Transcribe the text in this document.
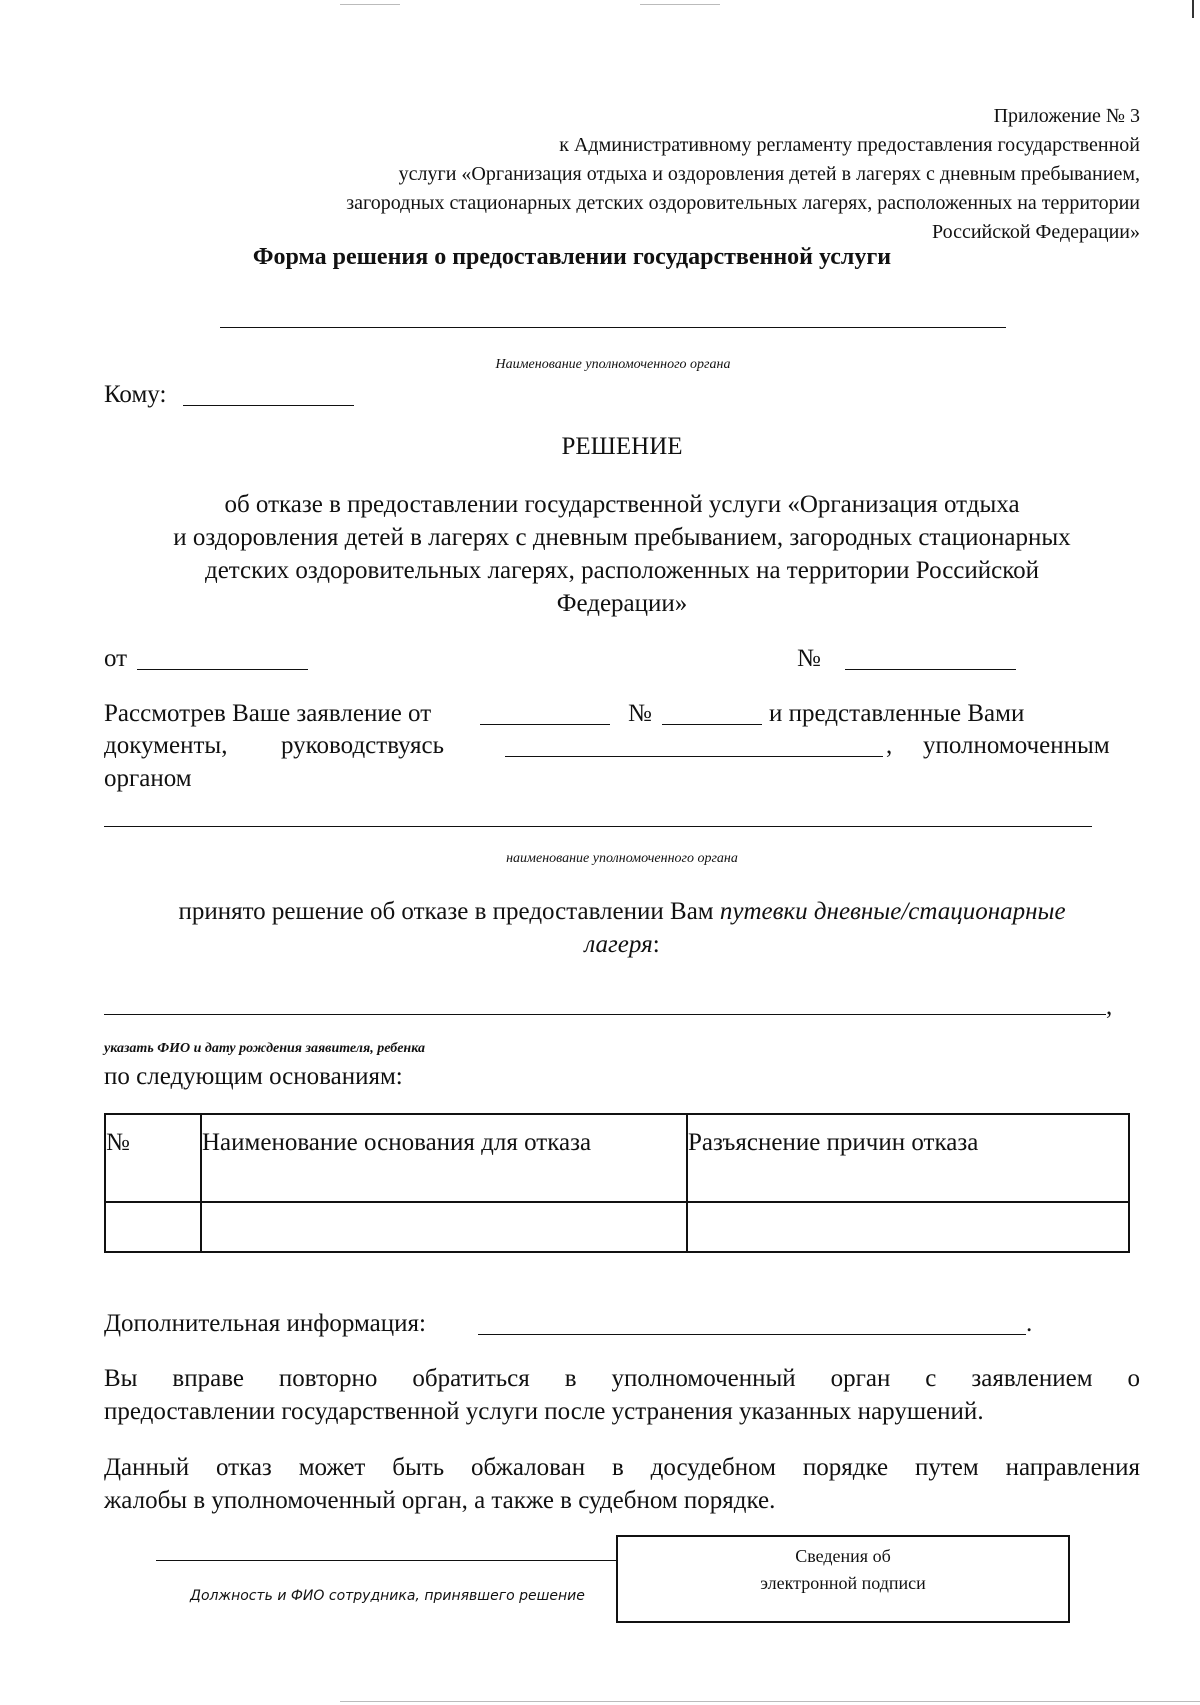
Приложение № 3
к Административному регламенту предоставления государственной
услуги «Организация отдыха и оздоровления детей в лагерях с дневным пребыванием,
загородных стационарных детских оздоровительных лагерях, расположенных на территории
Российской Федерации»
Форма решения о предоставлении государственной услуги
Наименование уполномоченного органа
Кому:
РЕШЕНИЕ
об отказе в предоставлении государственной услуги «Организация отдыха
и оздоровления детей в лагерях с дневным пребыванием, загородных стационарных
детских оздоровительных лагерях, расположенных на территории Российской
Федерации»
от	№
Рассмотрев Ваше заявление от	№	и представленные Вами
документы, руководствуясь	, уполномоченным
органом
наименование уполномоченного органа
принято решение об отказе в предоставлении Вам путевки дневные/стационарные
лагеря:
,
указать ФИО и дату рождения заявителя, ребенка
по следующим основаниям:
№	Наименование основания для отказа	Разъяснение причин отказа

Дополнительная информация:	.
Вы вправе повторно обратиться в уполномоченный орган с заявлением о
предоставлении государственной услуги после устранения указанных нарушений.
Данный отказ может быть обжалован в досудебном порядке путем направления
жалобы в уполномоченный орган, а также в судебном порядке.
Должность и ФИО сотрудника, принявшего решение
Сведения об
электронной подписи
